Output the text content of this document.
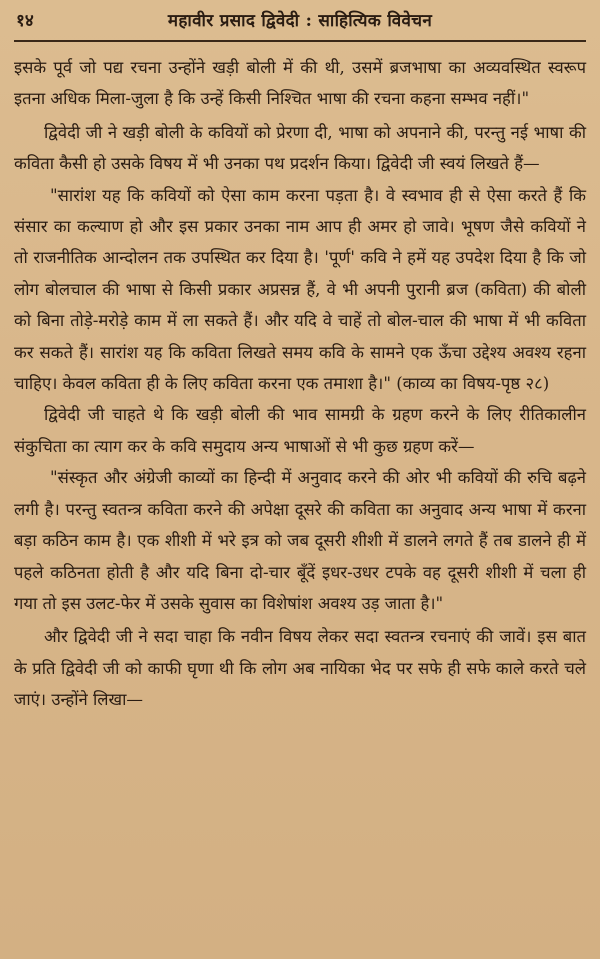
१४	महावीर प्रसाद द्विवेदी : साहित्यिक विवेचन

इसके पूर्व जो पद्य रचना उन्होंने खड़ी बोली में की थी, उसमें ब्रजभाषा का अव्यवस्थित स्वरूप इतना अधिक मिला-जुला है कि उन्हें किसी निश्चित भाषा की रचना कहना सम्भव नहीं।"

द्विवेदी जी ने खड़ी बोली के कवियों को प्रेरणा दी, भाषा को अपनाने की, परन्तु नई भाषा की कविता कैसी हो उसके विषय में भी उनका पथ प्रदर्शन किया। द्विवेदी जी स्वयं लिखते हैं—

"सारांश यह कि कवियों को ऐसा काम करना पड़ता है। वे स्वभाव ही से ऐसा करते हैं कि संसार का कल्याण हो और इस प्रकार उनका नाम आप ही अमर हो जावे। भूषण जैसे कवियों ने तो राजनीतिक आन्दोलन तक उपस्थित कर दिया है। 'पूर्ण' कवि ने हमें यह उपदेश दिया है कि जो लोग बोलचाल की भाषा से किसी प्रकार अप्रसन्न हैं, वे भी अपनी पुरानी ब्रज (कविता) की बोली को बिना तोड़े-मरोड़े काम में ला सकते हैं। और यदि वे चाहें तो बोल-चाल की भाषा में भी कविता कर सकते हैं। सारांश यह कि कविता लिखते समय कवि के सामने एक ऊँचा उद्देश्य अवश्य रहना चाहिए। केवल कविता ही के लिए कविता करना एक तमाशा है।" (काव्य का विषय-पृष्ठ २८)

द्विवेदी जी चाहते थे कि खड़ी बोली की भाव सामग्री के ग्रहण करने के लिए रीतिकालीन संकुचिता का त्याग कर के कवि समुदाय अन्य भाषाओं से भी कुछ ग्रहण करें—

"संस्कृत और अंग्रेजी काव्यों का हिन्दी में अनुवाद करने की ओर भी कवियों की रुचि बढ़ने लगी है। परन्तु स्वतन्त्र कविता करने की अपेक्षा दूसरे की कविता का अनुवाद अन्य भाषा में करना बड़ा कठिन काम है। एक शीशी में भरे इत्र को जब दूसरी शीशी में डालने लगते हैं तब डालने ही में पहले कठिनता होती है और यदि बिना दो-चार बूँदें इधर-उधर टपके वह दूसरी शीशी में चला ही गया तो इस उलट-फेर में उसके सुवास का विशेषांश अवश्य उड़ जाता है।"

और द्विवेदी जी ने सदा चाहा कि नवीन विषय लेकर सदा स्वतन्त्र रचनाएं की जावें। इस बात के प्रति द्विवेदी जी को काफी घृणा थी कि लोग अब नायिका भेद पर सफे ही सफे काले करते चले जाएं। उन्होंने लिखा—
